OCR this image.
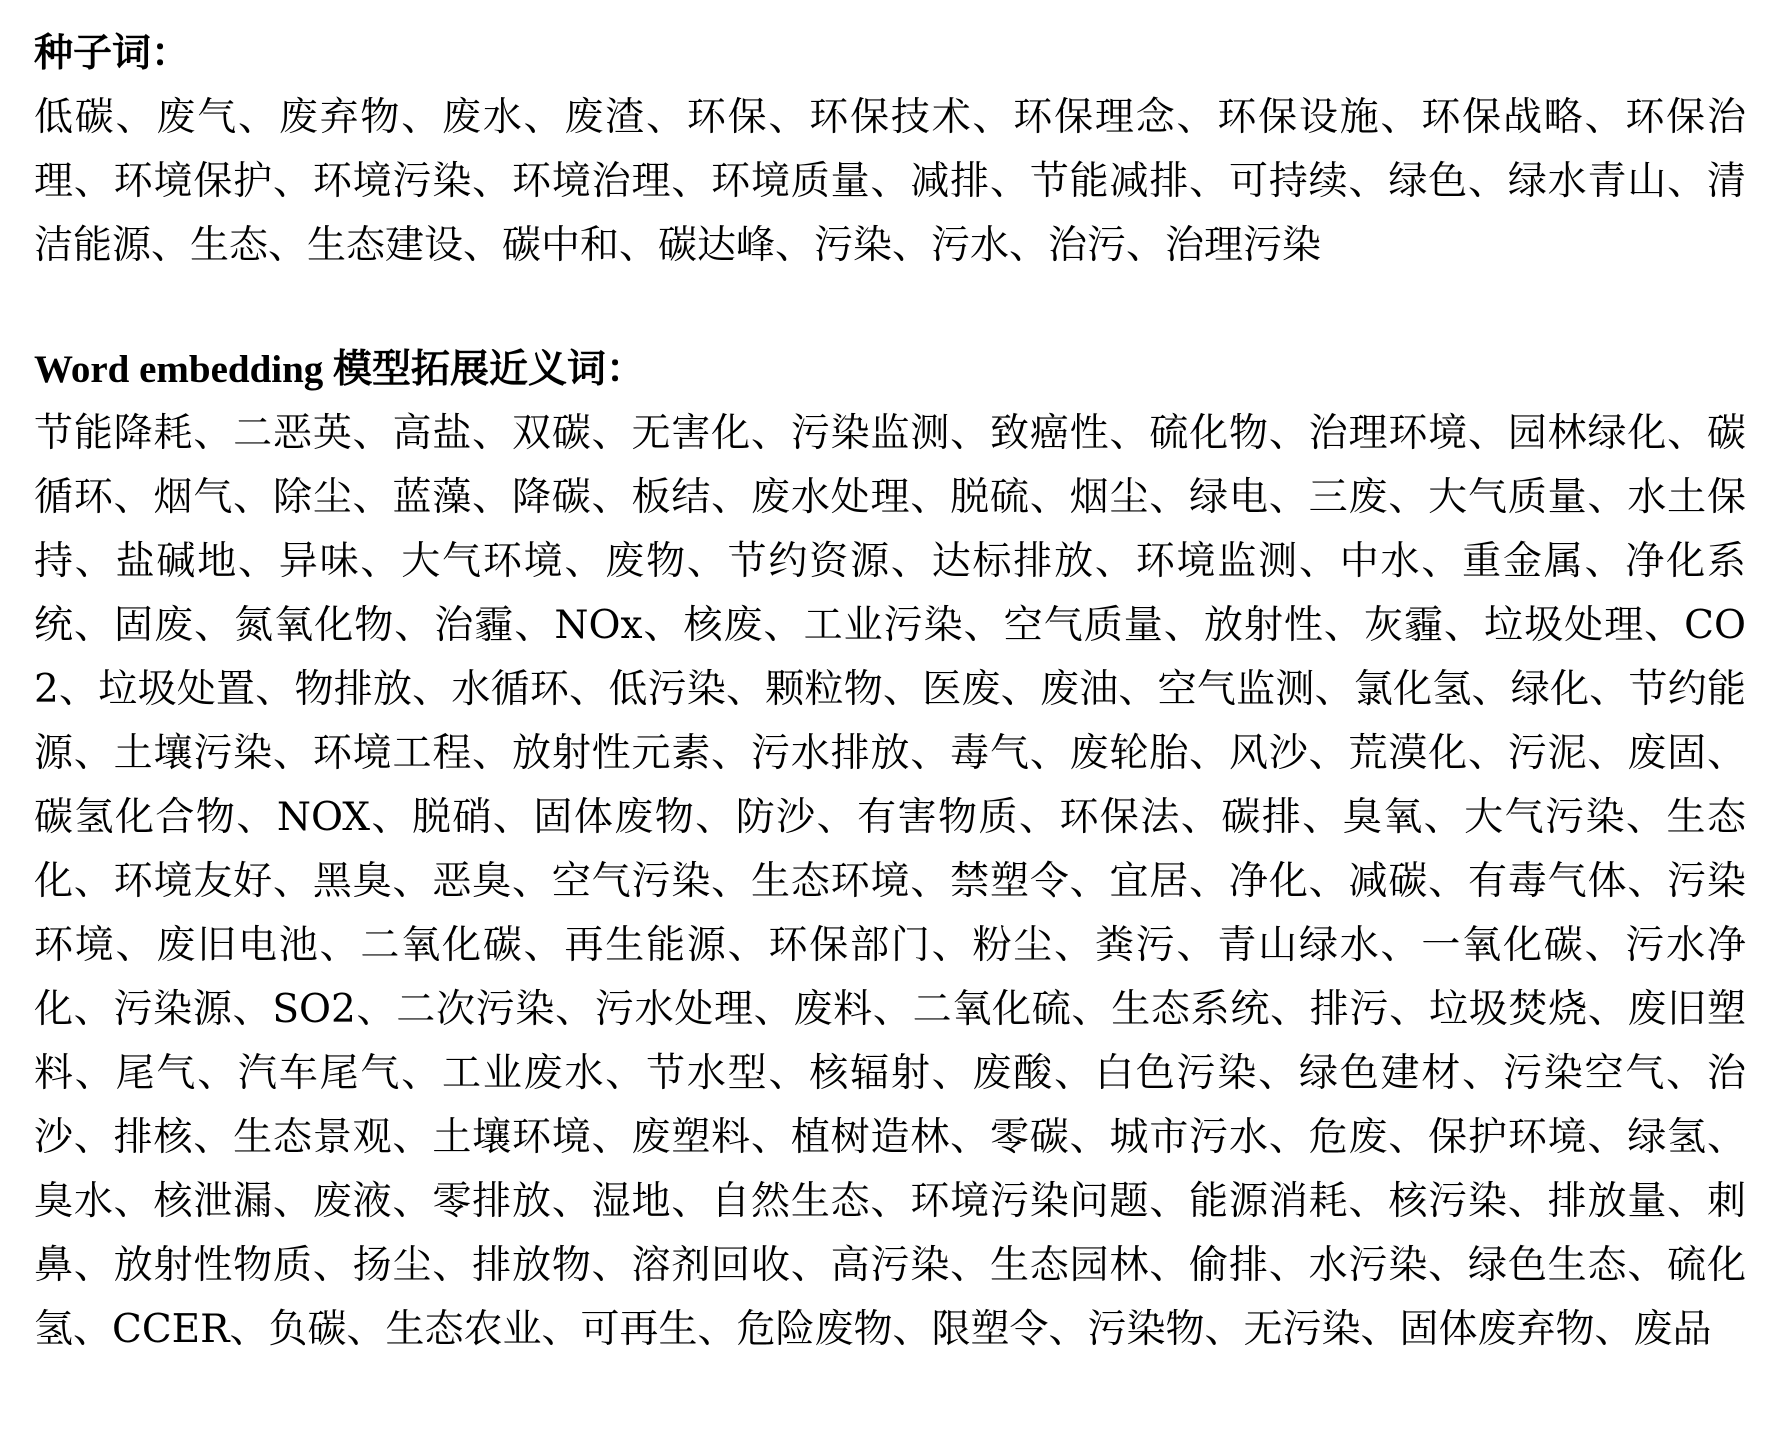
种子词：

低碳、废气、废弃物、废水、废渣、环保、环保技术、环保理念、环保设施、环保战略、环保治理、环境保护、环境污染、环境治理、环境质量、减排、节能减排、可持续、绿色、绿水青山、清洁能源、生态、生态建设、碳中和、碳达峰、污染、污水、治污、治理污染

Word embedding 模型拓展近义词：

节能降耗、二恶英、高盐、双碳、无害化、污染监测、致癌性、硫化物、治理环境、园林绿化、碳循环、烟气、除尘、蓝藻、降碳、板结、废水处理、脱硫、烟尘、绿电、三废、大气质量、水土保持、盐碱地、异味、大气环境、废物、节约资源、达标排放、环境监测、中水、重金属、净化系统、固废、氮氧化物、治霾、NOx、核废、工业污染、空气质量、放射性、灰霾、垃圾处理、CO2、垃圾处置、物排放、水循环、低污染、颗粒物、医废、废油、空气监测、氯化氢、绿化、节约能源、土壤污染、环境工程、放射性元素、污水排放、毒气、废轮胎、风沙、荒漠化、污泥、废固、碳氢化合物、NOX、脱硝、固体废物、防沙、有害物质、环保法、碳排、臭氧、大气污染、生态化、环境友好、黑臭、恶臭、空气污染、生态环境、禁塑令、宜居、净化、减碳、有毒气体、污染环境、废旧电池、二氧化碳、再生能源、环保部门、粉尘、粪污、青山绿水、一氧化碳、污水净化、污染源、SO2、二次污染、污水处理、废料、二氧化硫、生态系统、排污、垃圾焚烧、废旧塑料、尾气、汽车尾气、工业废水、节水型、核辐射、废酸、白色污染、绿色建材、污染空气、治沙、排核、生态景观、土壤环境、废塑料、植树造林、零碳、城市污水、危废、保护环境、绿氢、臭水、核泄漏、废液、零排放、湿地、自然生态、环境污染问题、能源消耗、核污染、排放量、刺鼻、放射性物质、扬尘、排放物、溶剂回收、高污染、生态园林、偷排、水污染、绿色生态、硫化氢、CCER、负碳、生态农业、可再生、危险废物、限塑令、污染物、无污染、固体废弃物、废品
